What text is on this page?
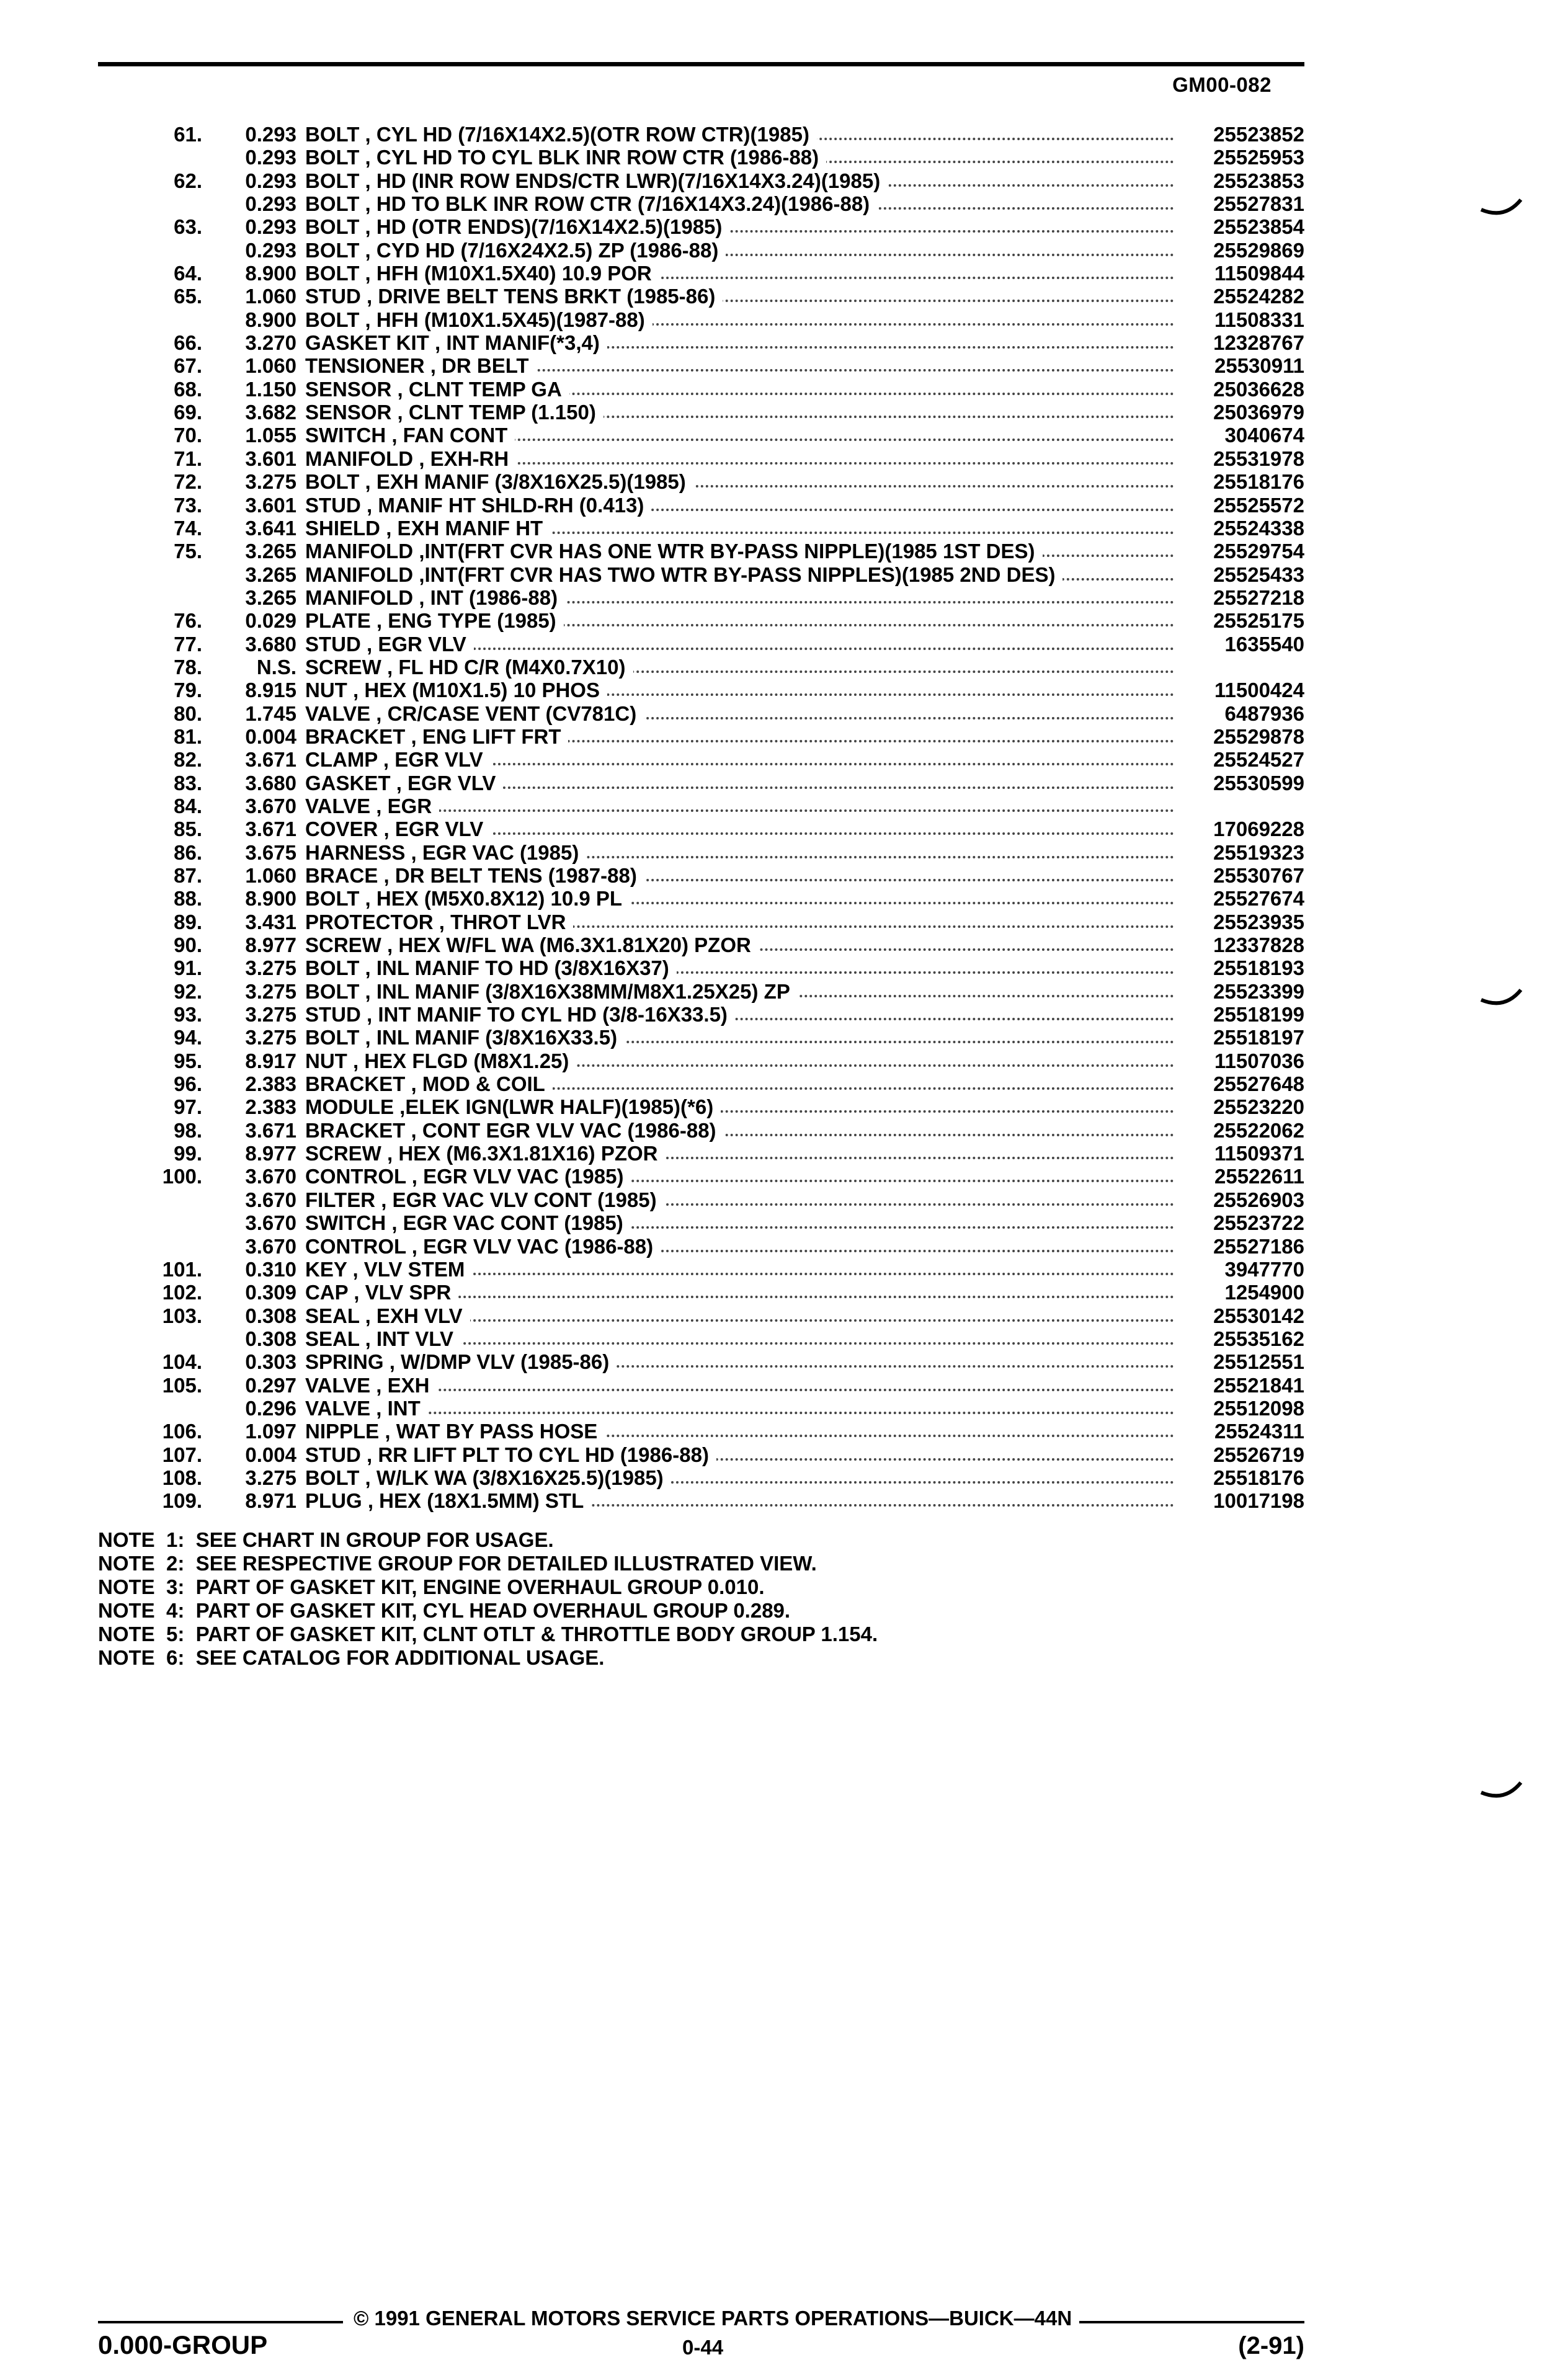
GM00-082
61.	0.293 BOLT , CYL HD (7/16X14X2.5)(OTR ROW CTR)(1985)	25523852
0.293 BOLT , CYL HD TO CYL BLK INR ROW CTR (1986-88)	25525953
62.	0.293 BOLT , HD (INR ROW ENDS/CTR LWR)(7/16X14X3.24)(1985)	25523853
0.293 BOLT , HD TO BLK INR ROW CTR (7/16X14X3.24)(1986-88)	25527831
63.	0.293 BOLT , HD (OTR ENDS)(7/16X14X2.5)(1985)	25523854
0.293 BOLT , CYD HD (7/16X24X2.5) ZP (1986-88)	25529869
64.	8.900 BOLT , HFH (M10X1.5X40) 10.9 POR	11509844
65.	1.060 STUD , DRIVE BELT TENS BRKT (1985-86)	25524282
8.900 BOLT , HFH (M10X1.5X45)(1987-88)	11508331
66.	3.270 GASKET KIT , INT MANIF(*3,4)	12328767
67.	1.060 TENSIONER , DR BELT	25530911
68.	1.150 SENSOR , CLNT TEMP GA	25036628
69.	3.682 SENSOR , CLNT TEMP (1.150)	25036979
70.	1.055 SWITCH , FAN CONT	3040674
71.	3.601 MANIFOLD , EXH-RH	25531978
72.	3.275 BOLT , EXH MANIF (3/8X16X25.5)(1985)	25518176
73.	3.601 STUD , MANIF HT SHLD-RH (0.413)	25525572
74.	3.641 SHIELD , EXH MANIF HT	25524338
75.	3.265 MANIFOLD ,INT(FRT CVR HAS ONE WTR BY-PASS NIPPLE)(1985 1ST DES)	25529754
3.265 MANIFOLD ,INT(FRT CVR HAS TWO WTR BY-PASS NIPPLES)(1985 2ND DES)	25525433
3.265 MANIFOLD , INT (1986-88)	25527218
76.	0.029 PLATE , ENG TYPE (1985)	25525175
77.	3.680 STUD , EGR VLV	1635540
78.	N.S. SCREW , FL HD C/R (M4X0.7X10)
79.	8.915 NUT , HEX (M10X1.5) 10 PHOS	11500424
80.	1.745 VALVE , CR/CASE VENT (CV781C)	6487936
81.	0.004 BRACKET , ENG LIFT FRT	25529878
82.	3.671 CLAMP , EGR VLV	25524527
83.	3.680 GASKET , EGR VLV	25530599
84.	3.670 VALVE , EGR
85.	3.671 COVER , EGR VLV	17069228
86.	3.675 HARNESS , EGR VAC (1985)	25519323
87.	1.060 BRACE , DR BELT TENS (1987-88)	25530767
88.	8.900 BOLT , HEX (M5X0.8X12) 10.9 PL	25527674
89.	3.431 PROTECTOR , THROT LVR	25523935
90.	8.977 SCREW , HEX W/FL WA (M6.3X1.81X20) PZOR	12337828
91.	3.275 BOLT , INL MANIF TO HD (3/8X16X37)	25518193
92.	3.275 BOLT , INL MANIF (3/8X16X38MM/M8X1.25X25) ZP	25523399
93.	3.275 STUD , INT MANIF TO CYL HD (3/8-16X33.5)	25518199
94.	3.275 BOLT , INL MANIF (3/8X16X33.5)	25518197
95.	8.917 NUT , HEX FLGD (M8X1.25)	11507036
96.	2.383 BRACKET , MOD & COIL	25527648
97.	2.383 MODULE ,ELEK IGN(LWR HALF)(1985)(*6)	25523220
98.	3.671 BRACKET , CONT EGR VLV VAC (1986-88)	25522062
99.	8.977 SCREW , HEX (M6.3X1.81X16) PZOR	11509371
100.	3.670 CONTROL , EGR VLV VAC (1985)	25522611
3.670 FILTER , EGR VAC VLV CONT (1985)	25526903
3.670 SWITCH , EGR VAC CONT (1985)	25523722
3.670 CONTROL , EGR VLV VAC (1986-88)	25527186
101.	0.310 KEY , VLV STEM	3947770
102.	0.309 CAP , VLV SPR	1254900
103.	0.308 SEAL , EXH VLV	25530142
0.308 SEAL , INT VLV	25535162
104.	0.303 SPRING , W/DMP VLV (1985-86)	25512551
105.	0.297 VALVE , EXH	25521841
0.296 VALVE , INT	25512098
106.	1.097 NIPPLE , WAT BY PASS HOSE	25524311
107.	0.004 STUD , RR LIFT PLT TO CYL HD (1986-88)	25526719
108.	3.275 BOLT , W/LK WA (3/8X16X25.5)(1985)	25518176
109.	8.971 PLUG , HEX (18X1.5MM) STL	10017198
NOTE  1:  SEE CHART IN GROUP FOR USAGE.
NOTE  2:  SEE RESPECTIVE GROUP FOR DETAILED ILLUSTRATED VIEW.
NOTE  3:  PART OF GASKET KIT, ENGINE OVERHAUL GROUP 0.010.
NOTE  4:  PART OF GASKET KIT, CYL HEAD OVERHAUL GROUP 0.289.
NOTE  5:  PART OF GASKET KIT, CLNT OTLT & THROTTLE BODY GROUP 1.154.
NOTE  6:  SEE CATALOG FOR ADDITIONAL USAGE.
© 1991 GENERAL MOTORS SERVICE PARTS OPERATIONS—BUICK—44N
0.000-GROUP	0-44	(2-91)
